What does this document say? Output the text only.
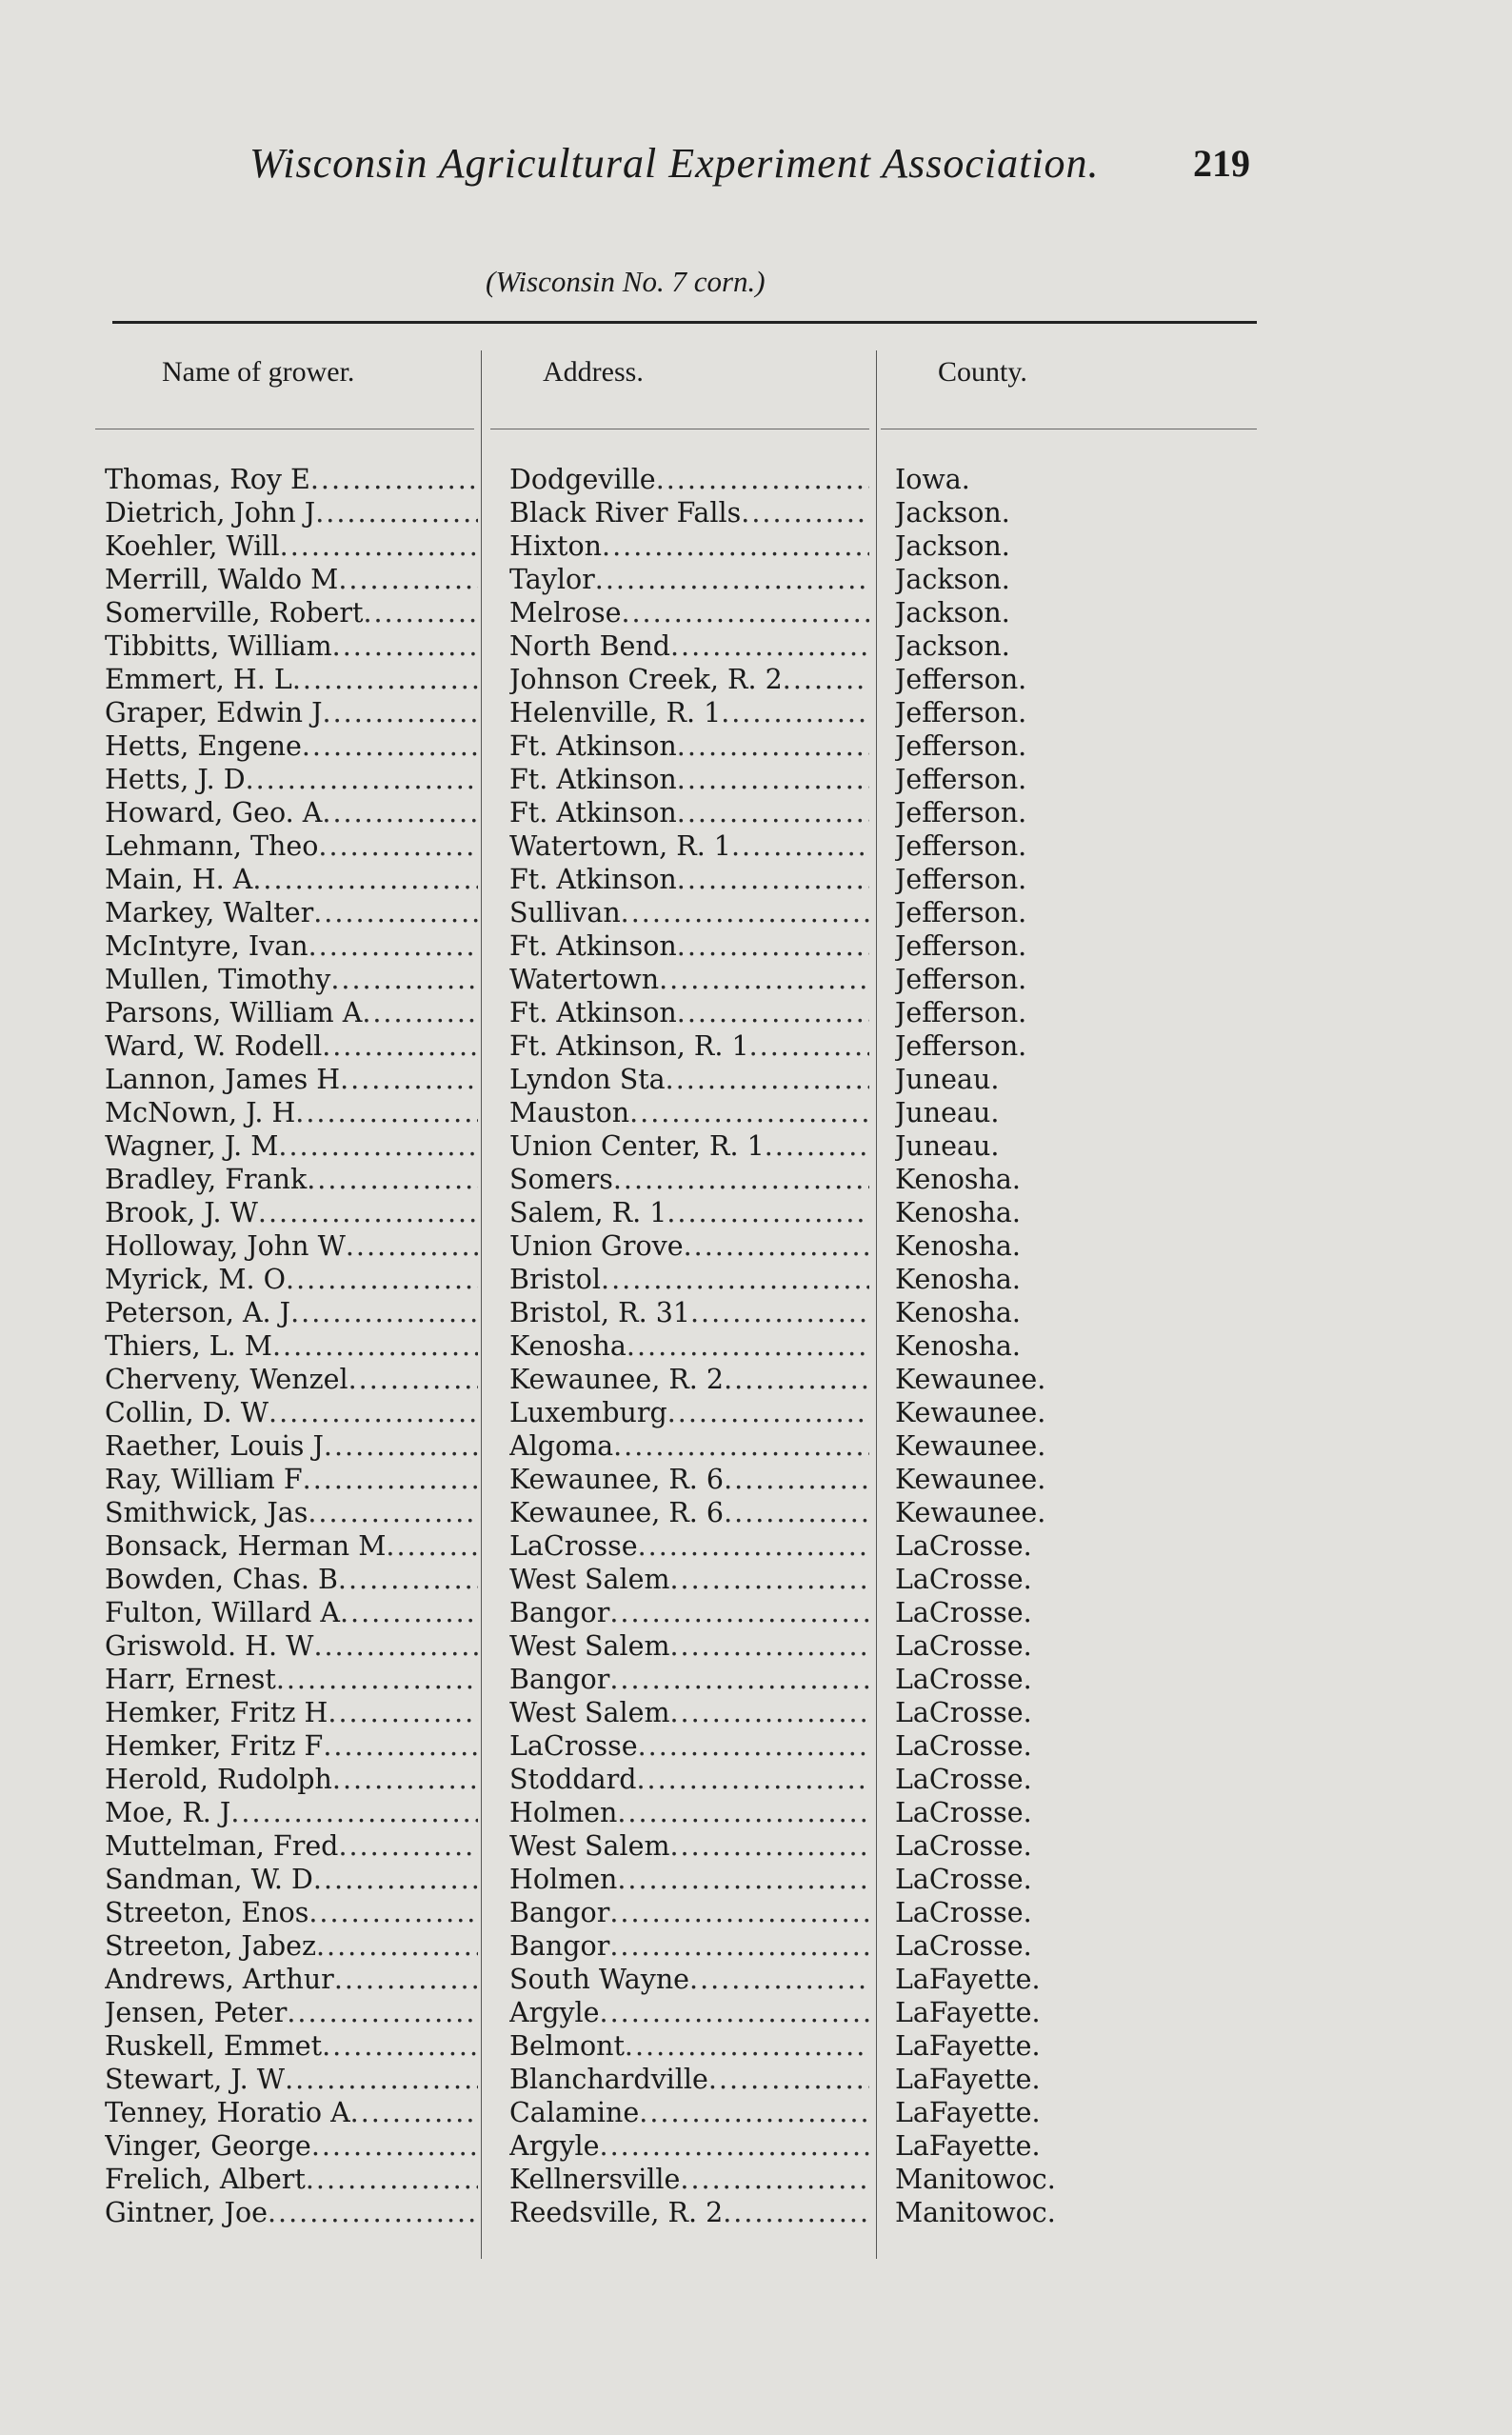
Wisconsin Agricultural Experiment Association. 219
(Wisconsin No. 7 corn.)
Name of grower.	Address.	County.
Thomas, Roy E .....	Dodgeville .....	Iowa.
Dietrich, John J .....	Black River Falls .....	Jackson.
Koehler, Will .....	Hixton .....	Jackson.
Merrill, Waldo M .....	Taylor .....	Jackson.
Somerville, Robert .....	Melrose .....	Jackson.
Tibbitts, William .....	North Bend .....	Jackson.
Emmert, H. L .....	Johnson Creek, R. 2 .....	Jefferson.
Graper, Edwin J .....	Helenville, R. 1 .....	Jefferson.
Hetts, Engene .....	Ft. Atkinson .....	Jefferson.
Hetts, J. D .....	Ft. Atkinson .....	Jefferson.
Howard, Geo. A .....	Ft. Atkinson .....	Jefferson.
Lehmann, Theo .....	Watertown, R. 1 .....	Jefferson.
Main, H. A .....	Ft. Atkinson .....	Jefferson.
Markey, Walter .....	Sullivan .....	Jefferson.
McIntyre, Ivan .....	Ft. Atkinson .....	Jefferson.
Mullen, Timothy .....	Watertown .....	Jefferson.
Parsons, William A .....	Ft. Atkinson .....	Jefferson.
Ward, W. Rodell .....	Ft. Atkinson, R. 1 .....	Jefferson.
Lannon, James H .....	Lyndon Sta .....	Juneau.
McNown, J. H .....	Mauston .....	Juneau.
Wagner, J. M .....	Union Center, R. 1 .....	Juneau.
Bradley, Frank .....	Somers .....	Kenosha.
Brook, J. W .....	Salem, R. 1 .....	Kenosha.
Holloway, John W .....	Union Grove .....	Kenosha.
Myrick, M. O .....	Bristol .....	Kenosha.
Peterson, A. J .....	Bristol, R. 31 .....	Kenosha.
Thiers, L. M .....	Kenosha .....	Kenosha.
Cherveny, Wenzel .....	Kewaunee, R. 2 .....	Kewaunee.
Collin, D. W .....	Luxemburg .....	Kewaunee.
Raether, Louis J .....	Algoma .....	Kewaunee.
Ray, William F .....	Kewaunee, R. 6 .....	Kewaunee.
Smithwick, Jas .....	Kewaunee, R. 6 .....	Kewaunee.
Bonsack, Herman M .....	LaCrosse .....	LaCrosse.
Bowden, Chas. B .....	West Salem .....	LaCrosse.
Fulton, Willard A .....	Bangor .....	LaCrosse.
Griswold. H. W .....	West Salem .....	LaCrosse.
Harr, Ernest .....	Bangor .....	LaCrosse.
Hemker, Fritz H .....	West Salem .....	LaCrosse.
Hemker, Fritz F .....	LaCrosse .....	LaCrosse.
Herold, Rudolph .....	Stoddard .....	LaCrosse.
Moe, R. J .....	Holmen .....	LaCrosse.
Muttelman, Fred .....	West Salem .....	LaCrosse.
Sandman, W. D .....	Holmen .....	LaCrosse.
Streeton, Enos .....	Bangor .....	LaCrosse.
Streeton, Jabez .....	Bangor .....	LaCrosse.
Andrews, Arthur .....	South Wayne .....	LaFayette.
Jensen, Peter .....	Argyle .....	LaFayette.
Ruskell, Emmet .....	Belmont .....	LaFayette.
Stewart, J. W .....	Blanchardville .....	LaFayette.
Tenney, Horatio A .....	Calamine .....	LaFayette.
Vinger, George .....	Argyle .....	LaFayette.
Frelich, Albert .....	Kellnersville .....	Manitowoc.
Gintner, Joe .....	Reedsville, R. 2 .....	Manitowoc.
